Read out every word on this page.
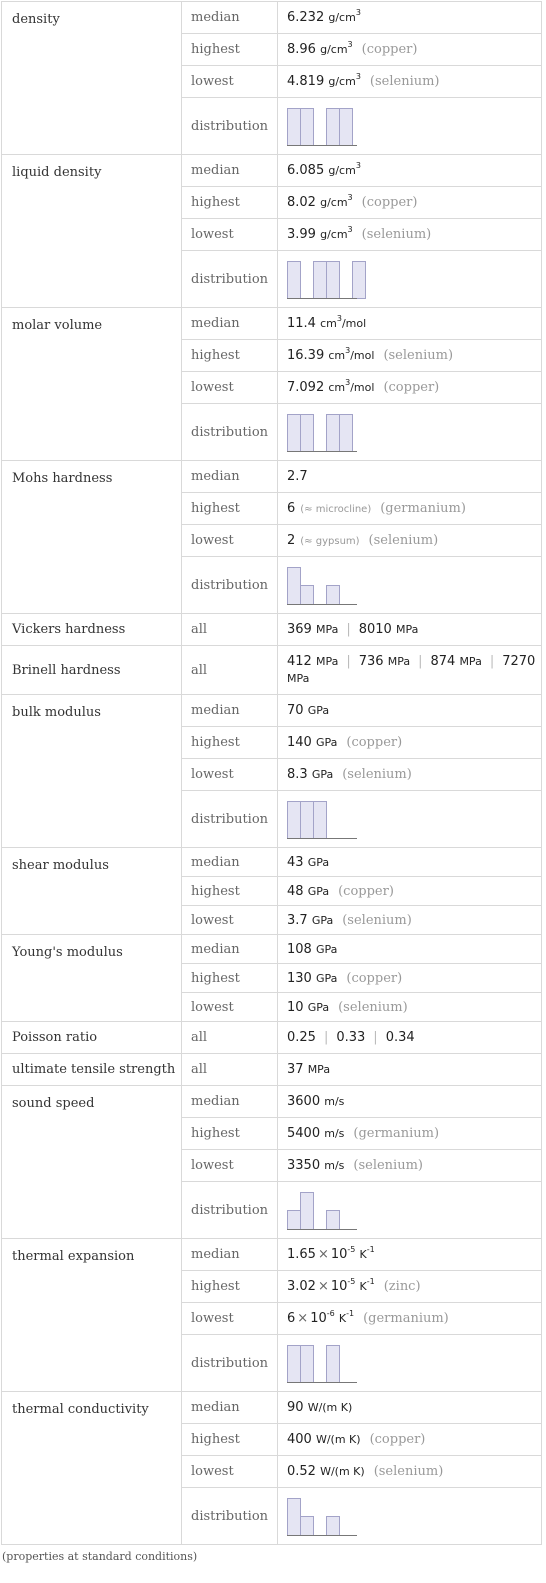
density	median	6.232 $g/cm^3$
	highest	8.96 $g/cm^3$ (copper)
	lowest	4.819 $g/cm^3$ (selenium)
	distribution	

liquid density	median	6.085 $g/cm^3$
	highest	8.02 $g/cm^3$ (copper)
	lowest	3.99 $g/cm^3$ (selenium)
	distribution	

molar volume	median	11.4 $cm^3$/mol
	highest	16.39 $cm^3$/mol (selenium)
	lowest	7.092 $cm^3$/mol (copper)
	distribution	

Mohs hardness	median	2.7
	highest	6 (≈ microcline) (germanium)
	lowest	2 (≈ gypsum) (selenium)
	distribution	

Vickers hardness	all	369 MPa | 8010 MPa
Brinell hardness	all	412 MPa | 736 MPa | 874 MPa | 7270 MPa
bulk modulus	median	70 GPa
	highest	140 GPa (copper)
	lowest	8.3 GPa (selenium)
	distribution	

shear modulus	median	43 GPa
	highest	48 GPa (copper)
	lowest	3.7 GPa (selenium)
Young's modulus	median	108 GPa
	highest	130 GPa (copper)
	lowest	10 GPa (selenium)
Poisson ratio	all	0.25 | 0.33 | 0.34
ultimate tensile strength	all	37 MPa
sound speed	median	3600 m/s
	highest	5400 m/s (germanium)
	lowest	3350 m/s (selenium)
	distribution	

thermal expansion	median	$1.65 \times 10^{-5}$ $K^{-1}$
	highest	$3.02 \times 10^{-5}$ $K^{-1}$ (zinc)
	lowest	$6 \times 10^{-6}$ $K^{-1}$ (germanium)
	distribution	

thermal conductivity	median	90 W/(m K)
	highest	400 W/(m K) (copper)
	lowest	0.52 W/(m K) (selenium)
	distribution	
(properties at standard conditions)
